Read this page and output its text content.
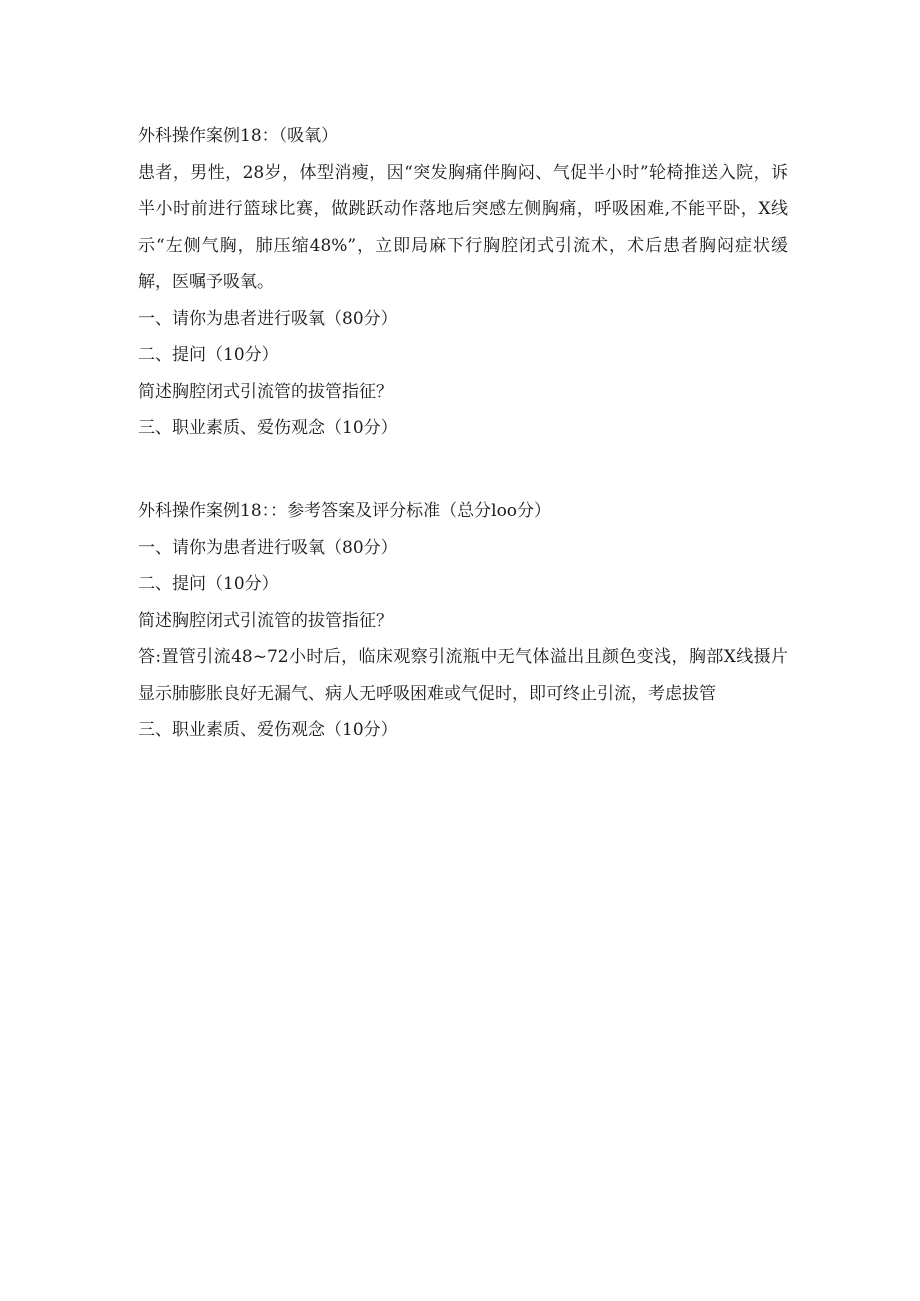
外科操作案例18：（吸氧）

患者，男性，28岁，体型消瘦，因“突发胸痛伴胸闷、气促半小时”轮椅推送入院，诉半小时前进行篮球比赛，做跳跃动作落地后突感左侧胸痛，呼吸困难,不能平卧，X线示“左侧气胸，肺压缩48%”，立即局麻下行胸腔闭式引流术，术后患者胸闷症状缓解，医嘱予吸氧。

一、请你为患者进行吸氧（80分）

二、提问（10分）

简述胸腔闭式引流管的拔管指征？

三、职业素质、爱伤观念（10分）

外科操作案例18：：参考答案及评分标准（总分loo分）

一、请你为患者进行吸氧（80分）

二、提问（10分）

简述胸腔闭式引流管的拔管指征？

答:置管引流48~72小时后，临床观察引流瓶中无气体溢出且颜色变浅，胸部X线摄片显示肺膨胀良好无漏气、病人无呼吸困难或气促时，即可终止引流，考虑拔管

三、职业素质、爱伤观念（10分）
